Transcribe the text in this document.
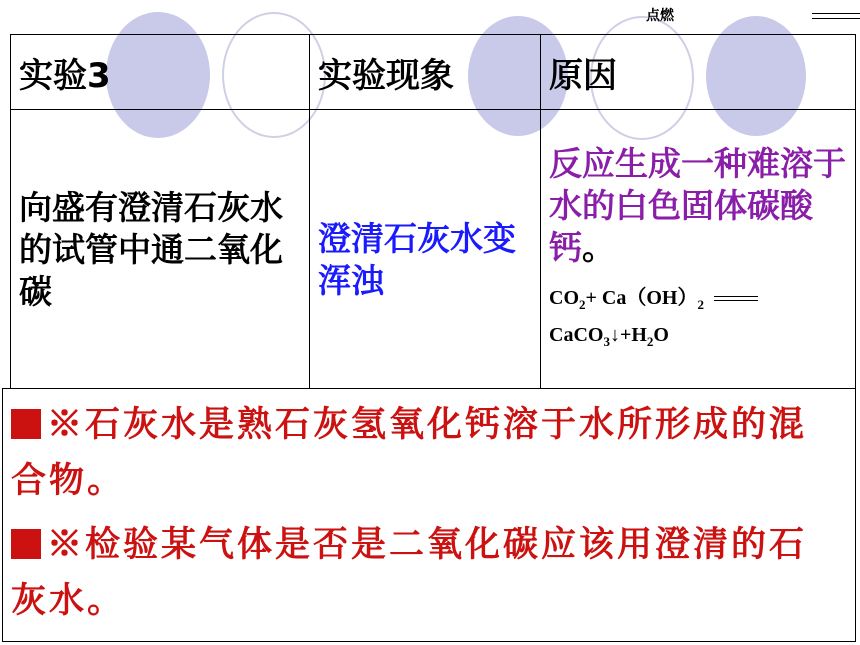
点燃
实验3	实验现象	原因
向盛有澄清石灰水的试管中通二氧化碳	澄清石灰水变浑浊	反应生成一种难溶于水的白色固体碳酸钙。
$CO_2+ Ca(OH)_2$
$CaCO_3↓+H_2O$
※石灰水是熟石灰氢氧化钙溶于水所形成的混合物。
※检验某气体是否是二氧化碳应该用澄清的石灰水。
